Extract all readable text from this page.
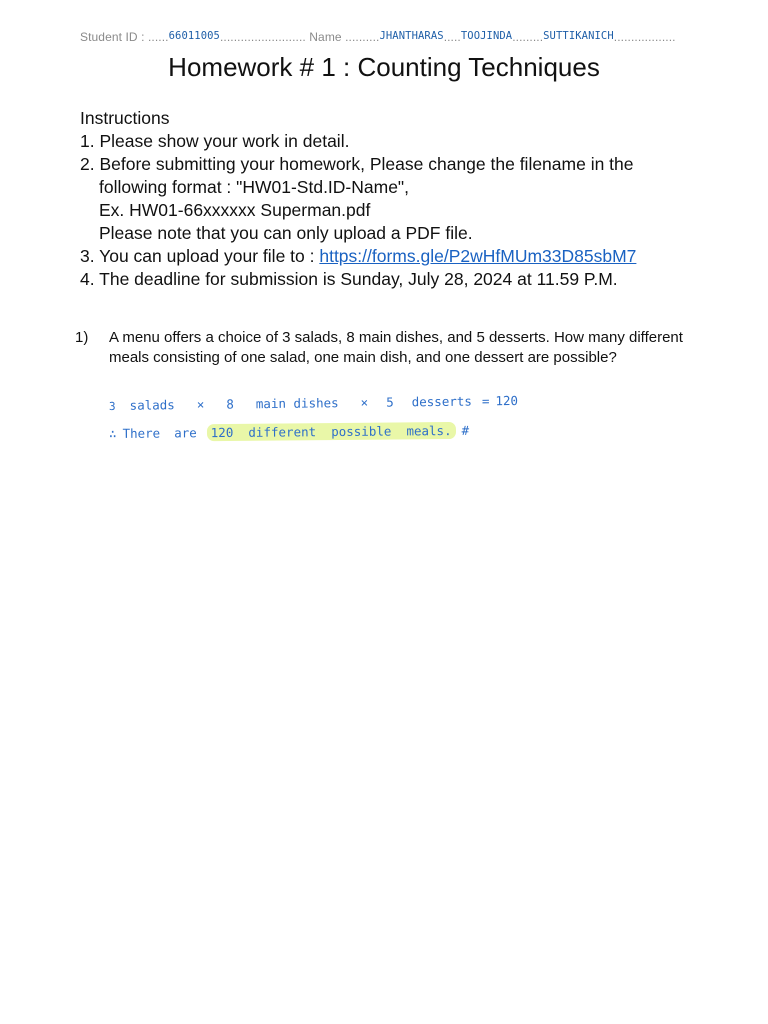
Student ID : ......66011005......................... Name ..........JHANTHARAS.....TOOJINDA.........SUTTIKANICH..................
Homework # 1 : Counting Techniques

Instructions

1. Please show your work in detail.

2. Before submitting your homework, Please change the filename in the

following format : "HW01-Std.ID-Name",

Ex. HW01-66xxxxxx Superman.pdf

Please note that you can only upload a PDF file.

3. You can upload your file to : https://forms.gle/P2wHfMUm33D85sbM7

4. The deadline for submission is Sunday, July 28, 2024 at 11.59 P.M.

1) A menu offers a choice of 3 salads, 8 main dishes, and 5 desserts. How many different meals consisting of one salad, one main dish, and one dessert are possible?
3 salads × 8 main dishes × 5 desserts = 120
∴ There are 120  different  possible  meals. #
